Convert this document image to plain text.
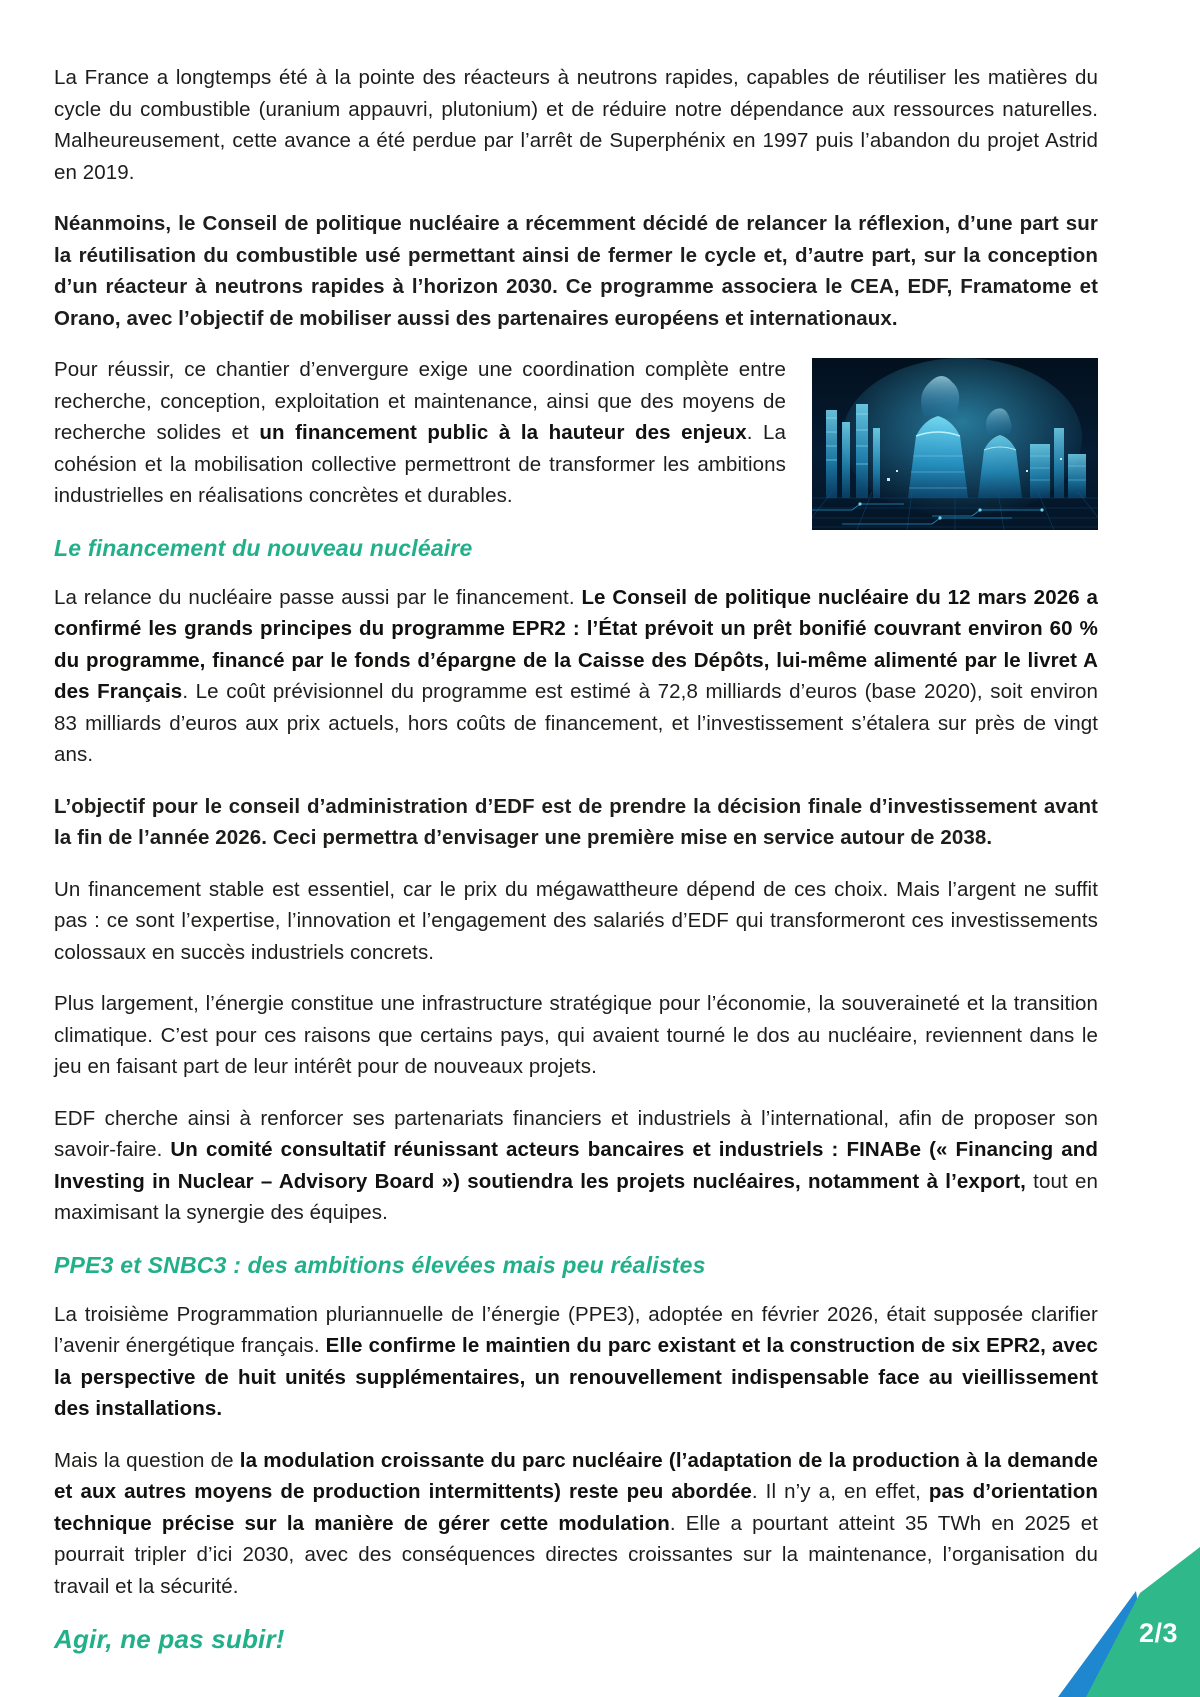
La France a longtemps été à la pointe des réacteurs à neutrons rapides, capables de réutiliser les matières du cycle du combustible (uranium appauvri, plutonium) et de réduire notre dépendance aux ressources naturelles. Malheureusement, cette avance a été perdue par l’arrêt de Superphénix en 1997 puis l’abandon du projet Astrid en 2019.

Néanmoins, le Conseil de politique nucléaire a récemment décidé de relancer la réflexion, d’une part sur la réutilisation du combustible usé permettant ainsi de fermer le cycle et, d’autre part, sur la conception d’un réacteur à neutrons rapides à l’horizon 2030. Ce programme associera le CEA, EDF, Framatome et Orano, avec l’objectif de mobiliser aussi des partenaires européens et internationaux.

Pour réussir, ce chantier d’envergure exige une coordination complète entre recherche, conception, exploitation et maintenance, ainsi que des moyens de recherche solides et un financement public à la hauteur des enjeux. La cohésion et la mobilisation collective permettront de transformer les ambitions industrielles en réalisations concrètes et durables.

Le financement du nouveau nucléaire

La relance du nucléaire passe aussi par le financement. Le Conseil de politique nucléaire du 12 mars 2026 a confirmé les grands principes du programme EPR2 : l’État prévoit un prêt bonifié couvrant environ 60 % du programme, financé par le fonds d’épargne de la Caisse des Dépôts, lui-même alimenté par le livret A des Français. Le coût prévisionnel du programme est estimé à 72,8 milliards d’euros (base 2020), soit environ 83 milliards d’euros aux prix actuels, hors coûts de financement, et l’investissement s’étalera sur près de vingt ans.

L’objectif pour le conseil d’administration d’EDF est de prendre la décision finale d’investissement avant la fin de l’année 2026. Ceci permettra d’envisager une première mise en service autour de 2038.

Un financement stable est essentiel, car le prix du mégawattheure dépend de ces choix. Mais l’argent ne suffit pas : ce sont l’expertise, l’innovation et l’engagement des salariés d’EDF qui transformeront ces investissements colossaux en succès industriels concrets.

Plus largement, l’énergie constitue une infrastructure stratégique pour l’économie, la souveraineté et la transition climatique. C’est pour ces raisons que certains pays, qui avaient tourné le dos au nucléaire, reviennent dans le jeu en faisant part de leur intérêt pour de nouveaux projets.

EDF cherche ainsi à renforcer ses partenariats financiers et industriels à l’international, afin de proposer son savoir-faire. Un comité consultatif réunissant acteurs bancaires et industriels : FINABe (« Financing and Investing in Nuclear – Advisory Board ») soutiendra les projets nucléaires, notamment à l’export, tout en maximisant la synergie des équipes.

PPE3 et SNBC3 : des ambitions élevées mais peu réalistes

La troisième Programmation pluriannuelle de l’énergie (PPE3), adoptée en février 2026, était supposée clarifier l’avenir énergétique français. Elle confirme le maintien du parc existant et la construction de six EPR2, avec la perspective de huit unités supplémentaires, un renouvellement indispensable face au vieillissement des installations.

Mais la question de la modulation croissante du parc nucléaire (l’adaptation de la production à la demande et aux autres moyens de production intermittents) reste peu abordée. Il n’y a, en effet, pas d’orientation technique précise sur la manière de gérer cette modulation. Elle a pourtant atteint 35 TWh en 2025 et pourrait tripler d’ici 2030, avec des conséquences directes croissantes sur la maintenance, l’organisation du travail et la sécurité.

Agir, ne pas subir!	2/3
